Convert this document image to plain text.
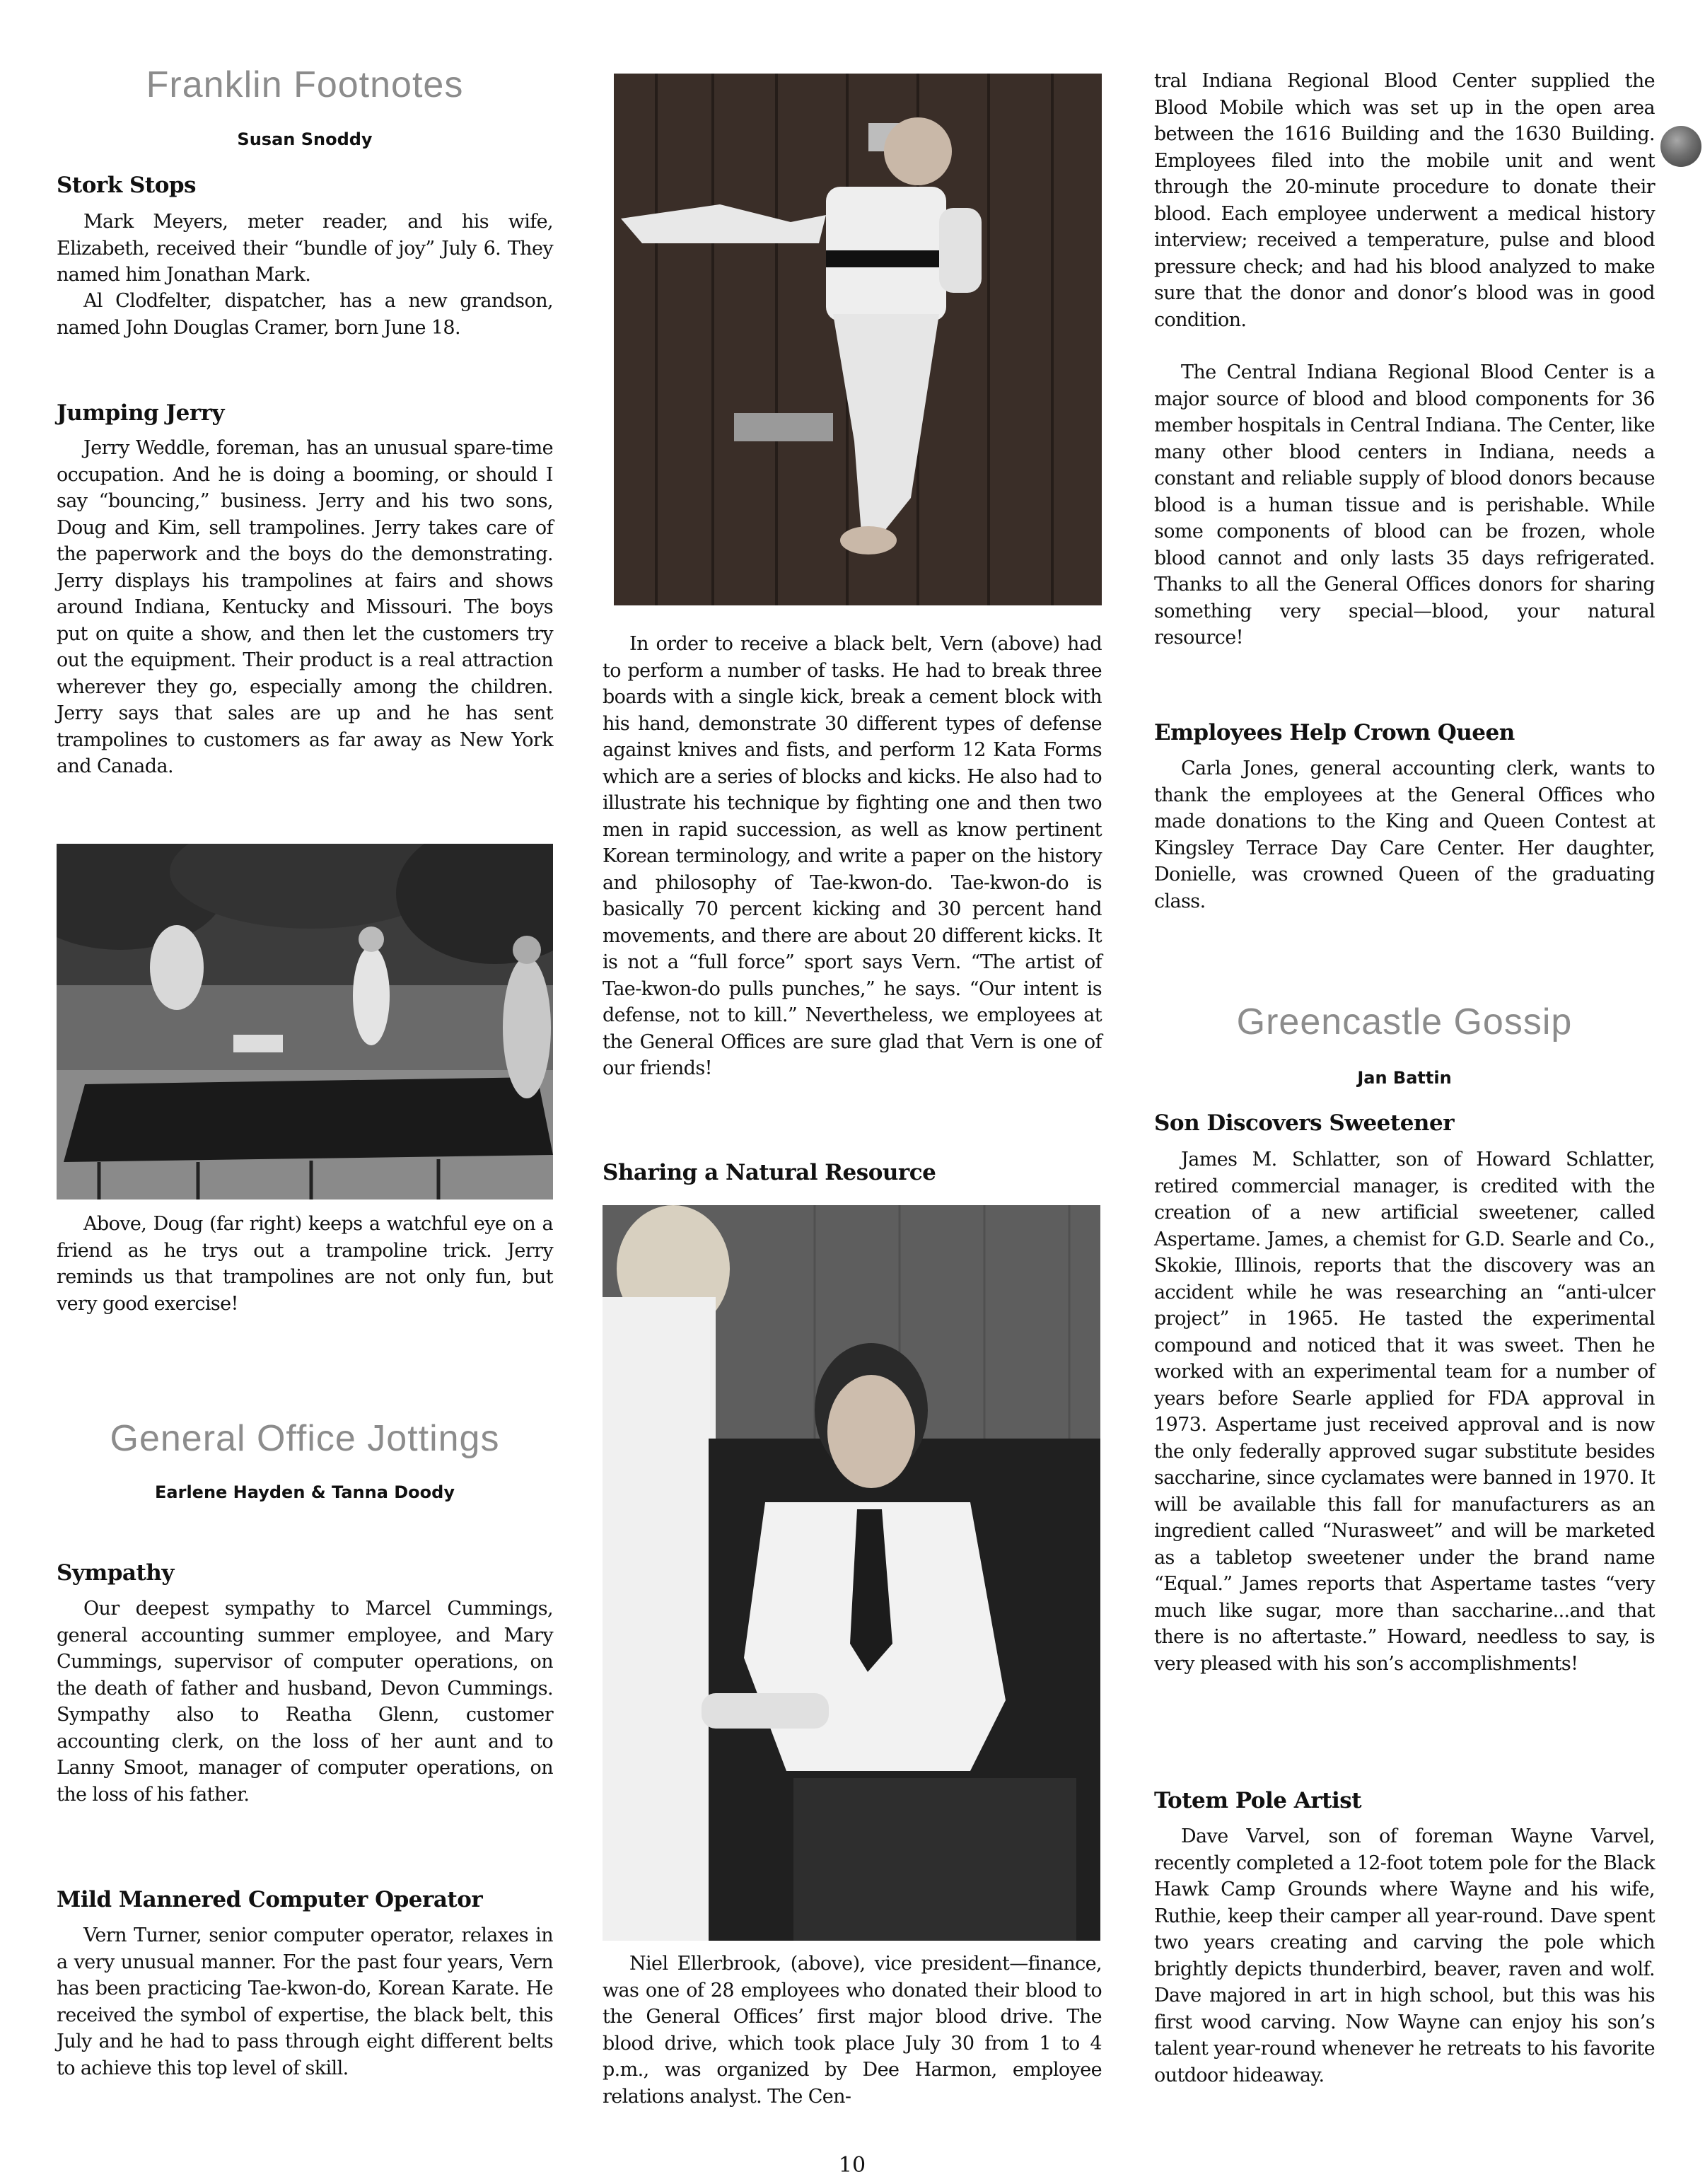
Franklin Footnotes
Susan Snoddy
Stork Stops

Mark Meyers, meter reader, and his wife, Elizabeth, received their “bundle of joy” July 6. They named him Jonathan Mark.

Al Clodfelter, dispatcher, has a new grandson, named John Douglas Cramer, born June 18.

Jumping Jerry

Jerry Weddle, foreman, has an unusual spare-time occupation. And he is doing a booming, or should I say “bouncing,” business. Jerry and his two sons, Doug and Kim, sell trampolines. Jerry takes care of the paperwork and the boys do the demonstrating. Jerry displays his trampolines at fairs and shows around Indiana, Kentucky and Missouri. The boys put on quite a show, and then let the customers try out the equipment. Their product is a real attraction wherever they go, especially among the children. Jerry says that sales are up and he has sent trampolines to customers as far away as New York and Canada.

Above, Doug (far right) keeps a watchful eye on a friend as he trys out a trampoline trick. Jerry reminds us that trampolines are not only fun, but very good exercise!

General Office Jottings
Earlene Hayden & Tanna Doody
Sympathy

Our deepest sympathy to Marcel Cummings, general accounting summer employee, and Mary Cummings, supervisor of computer operations, on the death of father and husband, Devon Cummings. Sympathy also to Reatha Glenn, customer accounting clerk, on the loss of her aunt and to Lanny Smoot, manager of computer operations, on the loss of his father.

Mild Mannered Computer Operator

Vern Turner, senior computer operator, relaxes in a very unusual manner. For the past four years, Vern has been practicing Tae-kwon-do, Korean Karate. He received the symbol of expertise, the black belt, this July and he had to pass through eight different belts to achieve this top level of skill.

In order to receive a black belt, Vern (above) had to perform a number of tasks. He had to break three boards with a single kick, break a cement block with his hand, demonstrate 30 different types of defense against knives and fists, and perform 12 Kata Forms which are a series of blocks and kicks. He also had to illustrate his technique by fighting one and then two men in rapid succession, as well as know pertinent Korean terminology, and write a paper on the history and philosophy of Tae-kwon-do. Tae-kwon-do is basically 70 percent kicking and 30 percent hand movements, and there are about 20 different kicks. It is not a “full force” sport says Vern. “The artist of Tae-kwon-do pulls punches,” he says. “Our intent is defense, not to kill.” Nevertheless, we employees at the General Offices are sure glad that Vern is one of our friends!

Sharing a Natural Resource

Niel Ellerbrook, (above), vice president—finance, was one of 28 employees who donated their blood to the General Offices’ first major blood drive. The blood drive, which took place July 30 from 1 to 4 p.m., was organized by Dee Harmon, employee relations analyst. The Cen-

tral Indiana Regional Blood Center supplied the Blood Mobile which was set up in the open area between the 1616 Building and the 1630 Building. Employees filed into the mobile unit and went through the 20-minute procedure to donate their blood. Each employee underwent a medical history interview; received a temperature, pulse and blood pressure check; and had his blood analyzed to make sure that the donor and donor’s blood was in good condition.

The Central Indiana Regional Blood Center is a major source of blood and blood components for 36 member hospitals in Central Indiana. The Center, like many other blood centers in Indiana, needs a constant and reliable supply of blood donors because blood is a human tissue and is perishable. While some components of blood can be frozen, whole blood cannot and only lasts 35 days refrigerated. Thanks to all the General Offices donors for sharing something very special—blood, your natural resource!

Employees Help Crown Queen

Carla Jones, general accounting clerk, wants to thank the employees at the General Offices who made donations to the King and Queen Contest at Kingsley Terrace Day Care Center. Her daughter, Donielle, was crowned Queen of the graduating class.

Greencastle Gossip
Jan Battin
Son Discovers Sweetener

James M. Schlatter, son of Howard Schlatter, retired commercial manager, is credited with the creation of a new artificial sweetener, called Aspertame. James, a chemist for G.D. Searle and Co., Skokie, Illinois, reports that the discovery was an accident while he was researching an “anti-ulcer project” in 1965. He tasted the experimental compound and noticed that it was sweet. Then he worked with an experimental team for a number of years before Searle applied for FDA approval in 1973. Aspertame just received approval and is now the only federally approved sugar substitute besides saccharine, since cyclamates were banned in 1970. It will be available this fall for manufacturers as an ingredient called “Nurasweet” and will be marketed as a tabletop sweetener under the brand name “Equal.” James reports that Aspertame tastes “very much like sugar, more than saccharine...and that there is no aftertaste.” Howard, needless to say, is very pleased with his son’s accomplishments!

Totem Pole Artist

Dave Varvel, son of foreman Wayne Varvel, recently completed a 12-foot totem pole for the Black Hawk Camp Grounds where Wayne and his wife, Ruthie, keep their camper all year-round. Dave spent two years creating and carving the pole which brightly depicts thunderbird, beaver, raven and wolf. Dave majored in art in high school, but this was his first wood carving. Now Wayne can enjoy his son’s talent year-round whenever he retreats to his favorite outdoor hideaway.

10
